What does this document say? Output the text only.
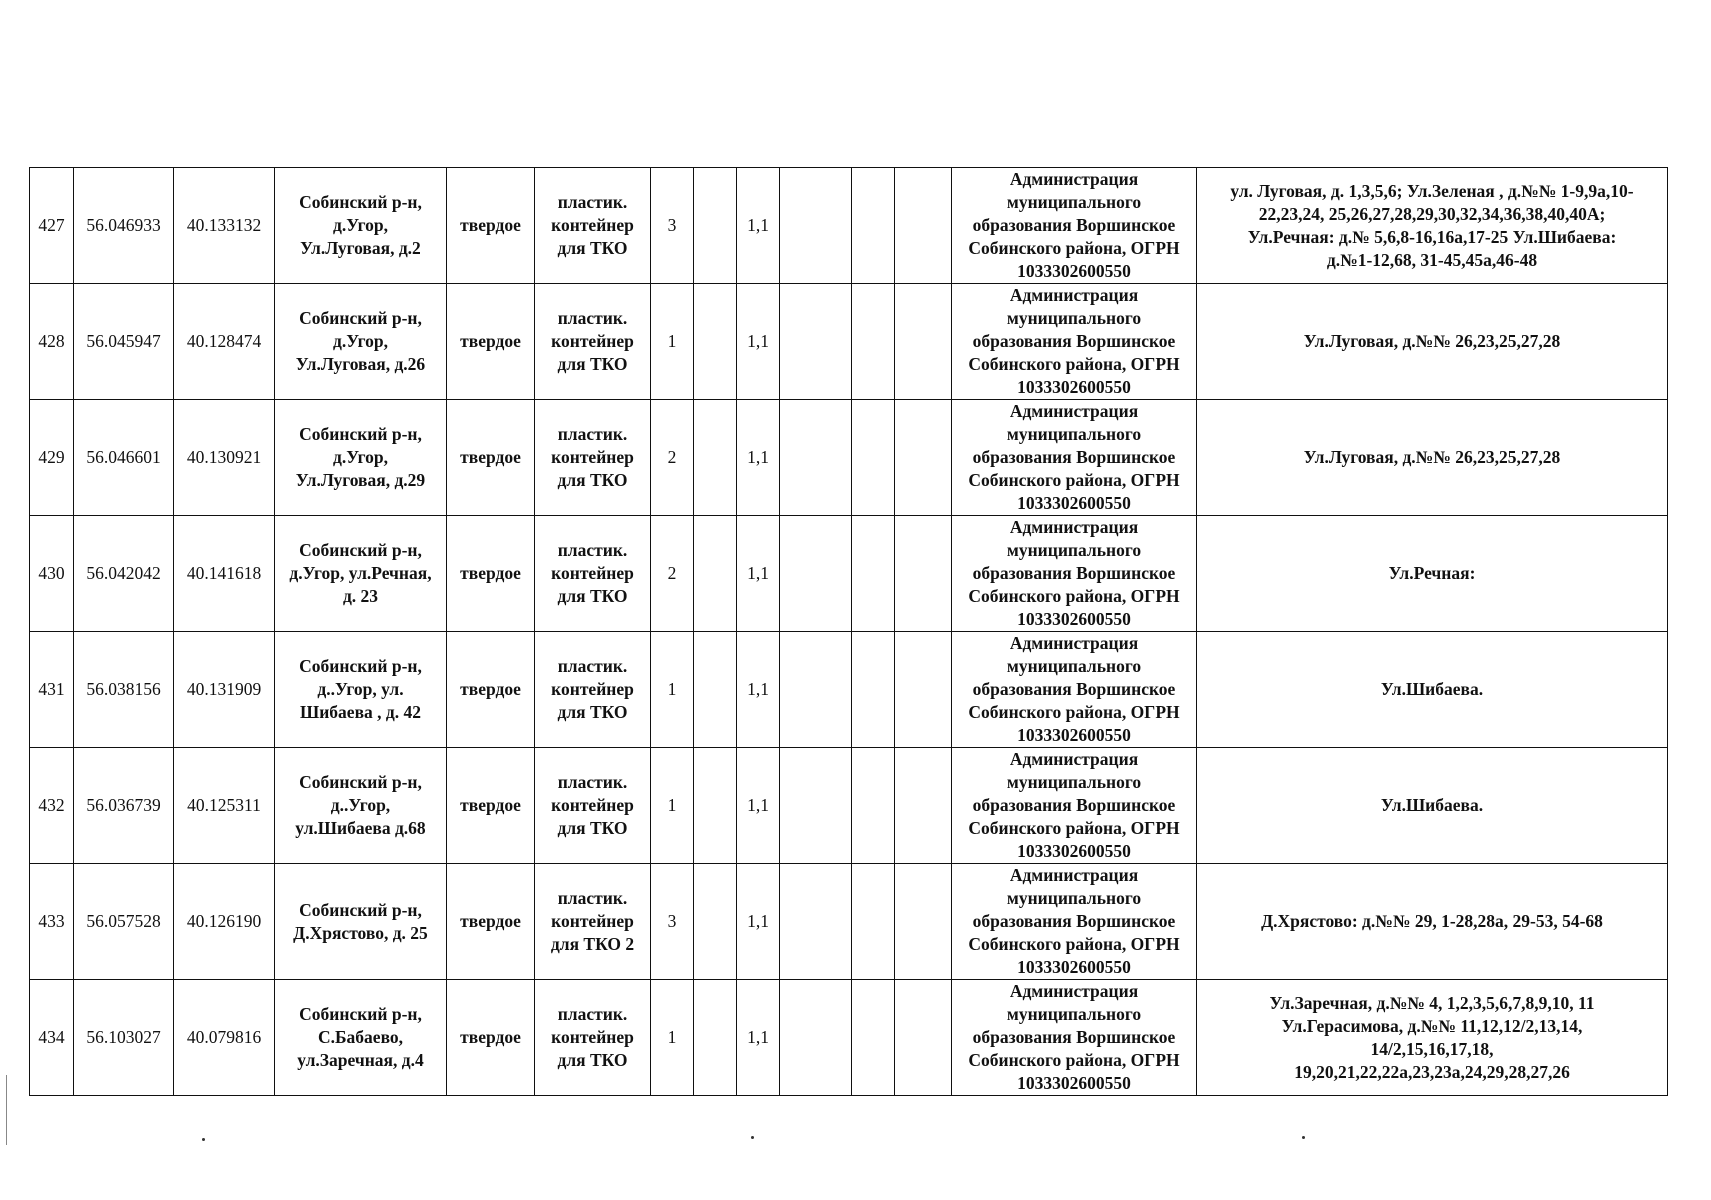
427	56.046933	40.133132	Собинский р-н,
д.Угор,
Ул.Луговая, д.2	твердое	пластик.
контейнер
для ТКО	3		1,1				Администрация
муниципального
образования Воршинское
Собинского района, ОГРН
1033302600550	ул. Луговая, д. 1,3,5,6; Ул.Зеленая , д.№№ 1-9,9а,10-
22,23,24, 25,26,27,28,29,30,32,34,36,38,40,40А;
Ул.Речная: д.№ 5,6,8-16,16а,17-25 Ул.Шибаева:
д.№1-12,68, 31-45,45а,46-48
428	56.045947	40.128474	Собинский р-н,
д.Угор,
Ул.Луговая, д.26	твердое	пластик.
контейнер
для ТКО	1		1,1				Администрация
муниципального
образования Воршинское
Собинского района, ОГРН
1033302600550	Ул.Луговая, д.№№ 26,23,25,27,28
429	56.046601	40.130921	Собинский р-н,
д.Угор,
Ул.Луговая, д.29	твердое	пластик.
контейнер
для ТКО	2		1,1				Администрация
муниципального
образования Воршинское
Собинского района, ОГРН
1033302600550	Ул.Луговая, д.№№ 26,23,25,27,28
430	56.042042	40.141618	Собинский р-н,
д.Угор, ул.Речная,
д. 23	твердое	пластик.
контейнер
для ТКО	2		1,1				Администрация
муниципального
образования Воршинское
Собинского района, ОГРН
1033302600550	Ул.Речная:
431	56.038156	40.131909	Собинский р-н,
д..Угор, ул.
Шибаева , д. 42	твердое	пластик.
контейнер
для ТКО	1		1,1				Администрация
муниципального
образования Воршинское
Собинского района, ОГРН
1033302600550	Ул.Шибаева.
432	56.036739	40.125311	Собинский р-н,
д..Угор,
ул.Шибаева д.68	твердое	пластик.
контейнер
для ТКО	1		1,1				Администрация
муниципального
образования Воршинское
Собинского района, ОГРН
1033302600550	Ул.Шибаева.
433	56.057528	40.126190	Собинский р-н,
Д.Хрястово, д. 25	твердое	пластик.
контейнер
для ТКО 2	3		1,1				Администрация
муниципального
образования Воршинское
Собинского района, ОГРН
1033302600550	Д.Хрястово: д.№№ 29, 1-28,28а, 29-53, 54-68
434	56.103027	40.079816	Собинский р-н,
С.Бабаево,
ул.Заречная, д.4	твердое	пластик.
контейнер
для ТКО	1		1,1				Администрация
муниципального
образования Воршинское
Собинского района, ОГРН
1033302600550	Ул.Заречная, д.№№ 4, 1,2,3,5,6,7,8,9,10, 11
Ул.Герасимова, д.№№ 11,12,12/2,13,14,
14/2,15,16,17,18,
19,20,21,22,22а,23,23а,24,29,28,27,26
